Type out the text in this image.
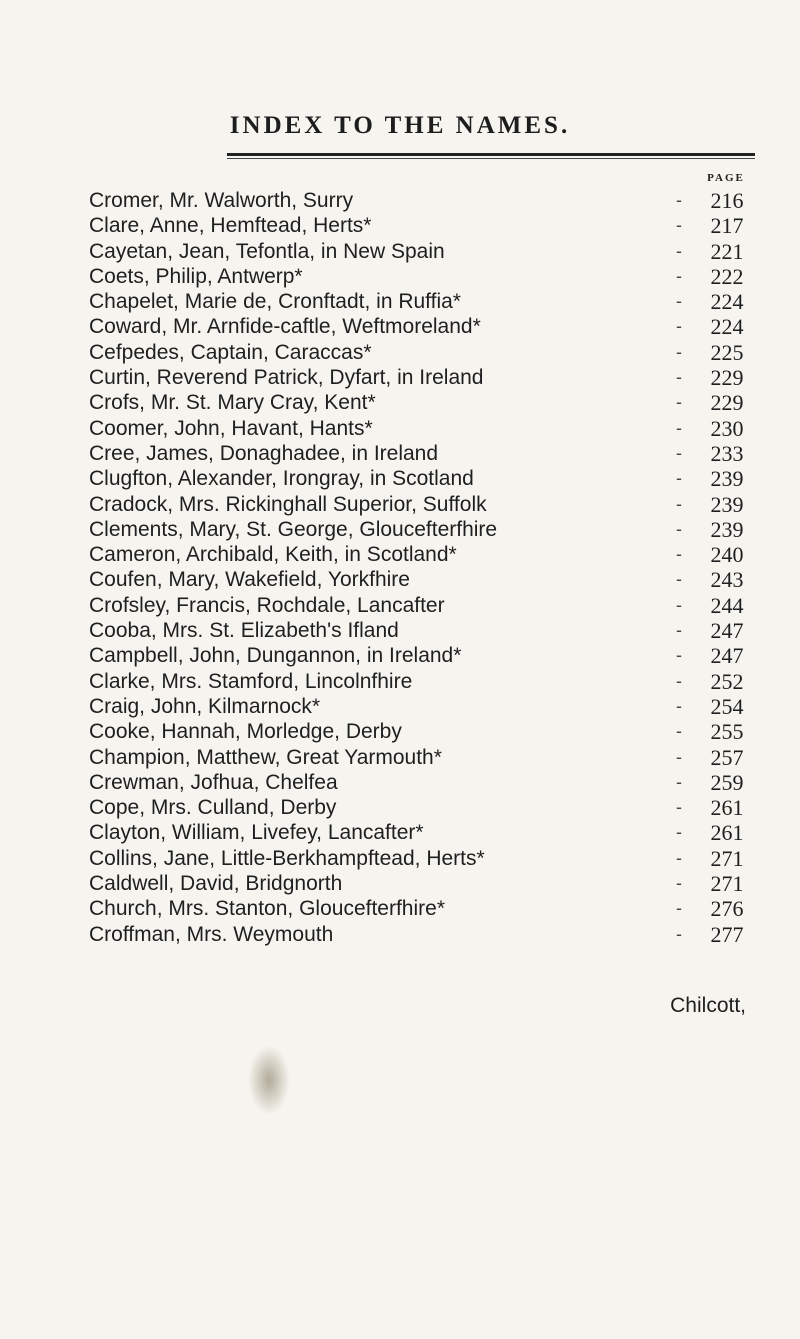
INDEX TO THE NAMES.
PAGE
Cromer, Mr. Walworth, Surry	-	216
Clare, Anne, Hemftead, Herts*	-	217
Cayetan, Jean, Tefontla, in New Spain	-	221
Coets, Philip, Antwerp*	-	222
Chapelet, Marie de, Cronftadt, in Ruffia*	-	224
Coward, Mr. Arnfide-caftle, Weftmoreland*	-	224
Cefpedes, Captain, Caraccas*	-	225
Curtin, Reverend Patrick, Dyfart, in Ireland	-	229
Crofs, Mr. St. Mary Cray, Kent*	-	229
Coomer, John, Havant, Hants*	-	230
Cree, James, Donaghadee, in Ireland	-	233
Clugfton, Alexander, Irongray, in Scotland	-	239
Cradock, Mrs. Rickinghall Superior, Suffolk	-	239
Clements, Mary, St. George, Gloucefterfhire	-	239
Cameron, Archibald, Keith, in Scotland*	-	240
Coufen, Mary, Wakefield, Yorkfhire	-	243
Crofsley, Francis, Rochdale, Lancafter	-	244
Cooba, Mrs. St. Elizabeth's Ifland	-	247
Campbell, John, Dungannon, in Ireland*	-	247
Clarke, Mrs. Stamford, Lincolnfhire	-	252
Craig, John, Kilmarnock*	-	254
Cooke, Hannah, Morledge, Derby	-	255
Champion, Matthew, Great Yarmouth*	-	257
Crewman, Jofhua, Chelfea	-	259
Cope, Mrs. Culland, Derby	-	261
Clayton, William, Livefey, Lancafter*	-	261
Collins, Jane, Little-Berkhampftead, Herts*	-	271
Caldwell, David, Bridgnorth	-	271
Church, Mrs. Stanton, Gloucefterfhire*	-	276
Croffman, Mrs. Weymouth	-	277
Chilcott,
